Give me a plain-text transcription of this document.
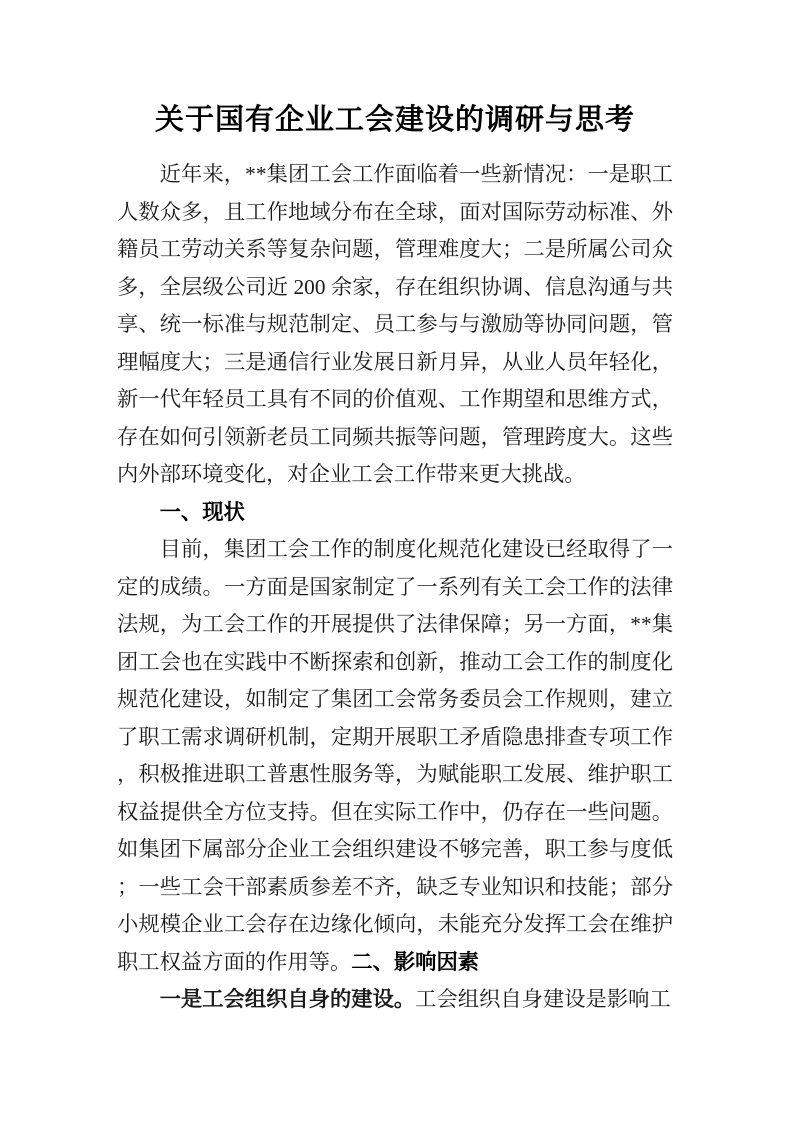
关于国有企业工会建设的调研与思考

近年来，**集团工会工作面临着一些新情况：一是职工人数众多，且工作地域分布在全球，面对国际劳动标准、外籍员工劳动关系等复杂问题，管理难度大；二是所属公司众多，全层级公司近 200 余家，存在组织协调、信息沟通与共享、统一标准与规范制定、员工参与与激励等协同问题，管理幅度大；三是通信行业发展日新月异，从业人员年轻化，新一代年轻员工具有不同的价值观、工作期望和思维方式，存在如何引领新老员工同频共振等问题，管理跨度大。这些内外部环境变化，对企业工会工作带来更大挑战。

一、现状

目前，集团工会工作的制度化规范化建设已经取得了一定的成绩。一方面是国家制定了一系列有关工会工作的法律法规，为工会工作的开展提供了法律保障；另一方面，**集团工会也在实践中不断探索和创新，推动工会工作的制度化规范化建设，如制定了集团工会常务委员会工作规则，建立了职工需求调研机制，定期开展职工矛盾隐患排查专项工作，积极推进职工普惠性服务等，为赋能职工发展、维护职工权益提供全方位支持。但在实际工作中，仍存在一些问题。如集团下属部分企业工会组织建设不够完善，职工参与度低；一些工会干部素质参差不齐，缺乏专业知识和技能；部分小规模企业工会存在边缘化倾向，未能充分发挥工会在维护职工权益方面的作用等。二、影响因素

一是工会组织自身的建设。工会组织自身建设是影响工
